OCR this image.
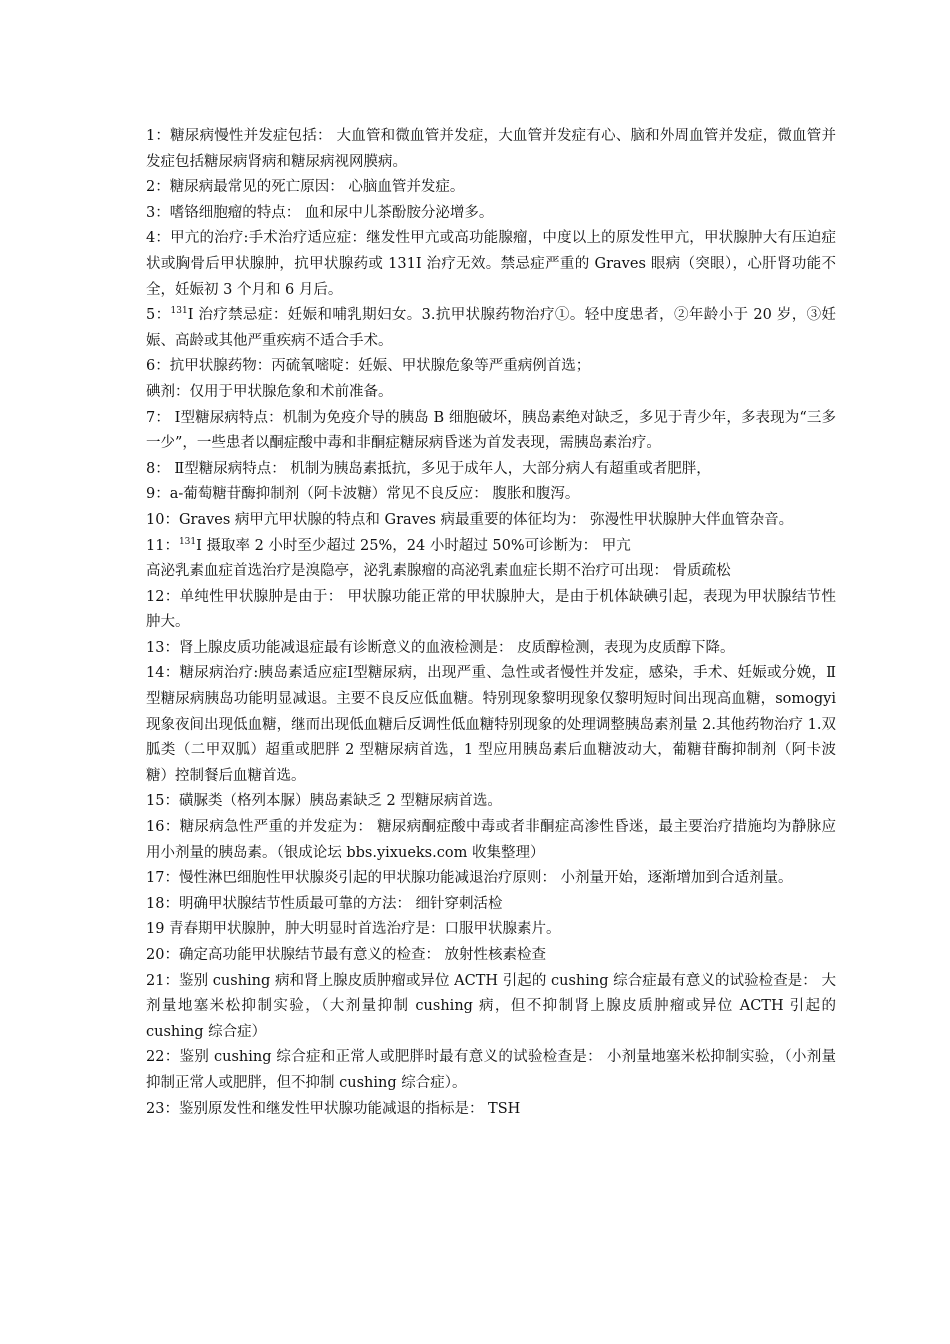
1：糖尿病慢性并发症包括： 大血管和微血管并发症，大血管并发症有心、脑和外周血管并发症，微血管并发症包括糖尿病肾病和糖尿病视网膜病。

2：糖尿病最常见的死亡原因： 心脑血管并发症。

3：嗜铬细胞瘤的特点： 血和尿中儿茶酚胺分泌增多。

4：甲亢的治疗:手术治疗适应症：继发性甲亢或高功能腺瘤，中度以上的原发性甲亢，甲状腺肿大有压迫症状或胸骨后甲状腺肿，抗甲状腺药或 131I 治疗无效。禁忌症严重的 Graves 眼病（突眼），心肝肾功能不全，妊娠初 3 个月和 6 月后。

5：$^{131}$I 治疗禁忌症：妊娠和哺乳期妇女。3.抗甲状腺药物治疗①。轻中度患者，②年龄小于 20 岁，③妊娠、高龄或其他严重疾病不适合手术。

6：抗甲状腺药物：丙硫氧嘧啶：妊娠、甲状腺危象等严重病例首选；

碘剂：仅用于甲状腺危象和术前准备。

7： Ⅰ型糖尿病特点：机制为免疫介导的胰岛 B 细胞破坏，胰岛素绝对缺乏，多见于青少年，多表现为“三多一少”，一些患者以酮症酸中毒和非酮症糖尿病昏迷为首发表现，需胰岛素治疗。

8： Ⅱ型糖尿病特点： 机制为胰岛素抵抗，多见于成年人，大部分病人有超重或者肥胖，

9：a-葡萄糖苷酶抑制剂（阿卡波糖）常见不良反应： 腹胀和腹泻。

10：Graves 病甲亢甲状腺的特点和 Graves 病最重要的体征均为： 弥漫性甲状腺肿大伴血管杂音。

11：$^{131}$I 摄取率 2 小时至少超过 25%，24 小时超过 50%可诊断为： 甲亢

高泌乳素血症首选治疗是溴隐亭，泌乳素腺瘤的高泌乳素血症长期不治疗可出现： 骨质疏松

12：单纯性甲状腺肿是由于： 甲状腺功能正常的甲状腺肿大，是由于机体缺碘引起，表现为甲状腺结节性肿大。

13：肾上腺皮质功能减退症最有诊断意义的血液检测是： 皮质醇检测，表现为皮质醇下降。

14：糖尿病治疗:胰岛素适应症Ⅰ型糖尿病，出现严重、急性或者慢性并发症，感染，手术、妊娠或分娩，Ⅱ型糖尿病胰岛功能明显减退。主要不良反应低血糖。特别现象黎明现象仅黎明短时间出现高血糖，somogyi 现象夜间出现低血糖，继而出现低血糖后反调性低血糖特别现象的处理调整胰岛素剂量 2.其他药物治疗 1.双胍类（二甲双胍）超重或肥胖 2 型糖尿病首选，1 型应用胰岛素后血糖波动大，葡糖苷酶抑制剂（阿卡波糖）控制餐后血糖首选。

15：磺脲类（格列本脲）胰岛素缺乏 2 型糖尿病首选。

16：糖尿病急性严重的并发症为： 糖尿病酮症酸中毒或者非酮症高渗性昏迷，最主要治疗措施均为静脉应用小剂量的胰岛素。（银成论坛 bbs.yixueks.com 收集整理）

17：慢性淋巴细胞性甲状腺炎引起的甲状腺功能减退治疗原则： 小剂量开始，逐渐增加到合适剂量。

18：明确甲状腺结节性质最可靠的方法： 细针穿刺活检

19 青春期甲状腺肿，肿大明显时首选治疗是：口服甲状腺素片。

20：确定高功能甲状腺结节最有意义的检查： 放射性核素检查

21：鉴别 cushing 病和肾上腺皮质肿瘤或异位 ACTH 引起的 cushing 综合症最有意义的试验检查是： 大剂量地塞米松抑制实验，（大剂量抑制 cushing 病，但不抑制肾上腺皮质肿瘤或异位 ACTH 引起的 cushing 综合症）

22：鉴别 cushing 综合症和正常人或肥胖时最有意义的试验检查是： 小剂量地塞米松抑制实验，（小剂量抑制正常人或肥胖，但不抑制 cushing 综合症）。

23：鉴别原发性和继发性甲状腺功能减退的指标是： TSH
